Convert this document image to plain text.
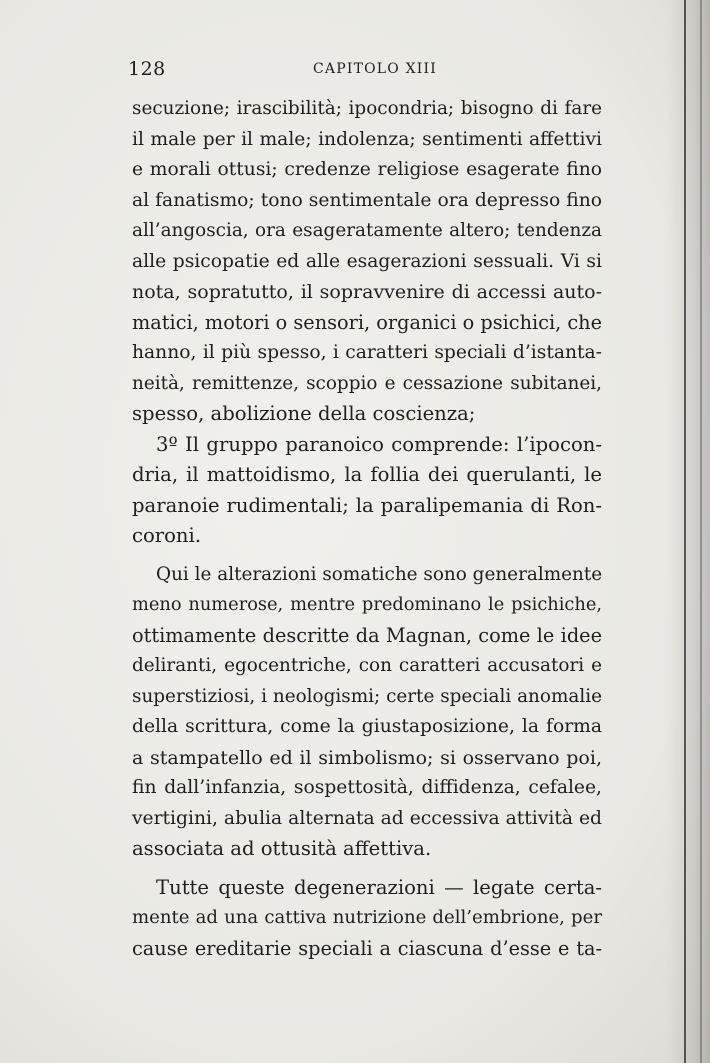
128	CAPITOLO XIII
secuzione; irascibilità; ipocondria; bisogno di fare
il male per il male; indolenza; sentimenti affettivi
e morali ottusi; credenze religiose esagerate fino
al fanatismo; tono sentimentale ora depresso fino
all’angoscia, ora esageratamente altero; tendenza
alle psicopatie ed alle esagerazioni sessuali. Vi si
nota, sopratutto, il sopravvenire di accessi auto-
matici, motori o sensori, organici o psichici, che
hanno, il più spesso, i caratteri speciali d’istanta-
neità, remittenze, scoppio e cessazione subitanei,
spesso, abolizione della coscienza;
3º Il gruppo paranoico comprende: l’ipocon-
dria, il mattoidismo, la follia dei querulanti, le
paranoie rudimentali; la paralipemania di Ron-
coroni.
Qui le alterazioni somatiche sono generalmente
meno numerose, mentre predominano le psichiche,
ottimamente descritte da Magnan, come le idee
deliranti, egocentriche, con caratteri accusatori e
superstiziosi, i neologismi; certe speciali anomalie
della scrittura, come la giustaposizione, la forma
a stampatello ed il simbolismo; si osservano poi,
fin dall’infanzia, sospettosità, diffidenza, cefalee,
vertigini, abulia alternata ad eccessiva attività ed
associata ad ottusità affettiva.
Tutte queste degenerazioni — legate certa-
mente ad una cattiva nutrizione dell’embrione, per
cause ereditarie speciali a ciascuna d’esse e ta-
